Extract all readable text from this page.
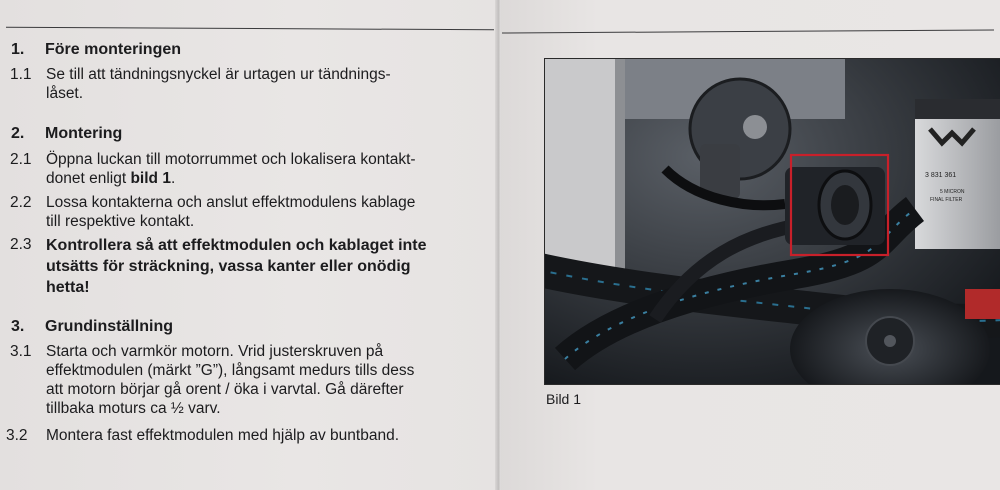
1. Före monteringen
1.1 Se till att tändningsnyckel är urtagen ur tändnings-
låset.
2. Montering
2.1 Öppna luckan till motorrummet och lokalisera kontakt-
donet enligt bild 1.
2.2 Lossa kontakterna och anslut effektmodulens kablage
till respektive kontakt.
2.3 Kontrollera så att effektmodulen och kablaget inte
utsätts för sträckning, vassa kanter eller onödig
hetta!
3. Grundinställning
3.1 Starta och varmkör motorn. Vrid justerskruven på
effektmodulen (märkt ”G”), långsamt medurs tills dess
att motorn börjar gå orent / öka i varvtal. Gå därefter
tillbaka moturs ca ½ varv.
3.2 Montera fast effektmodulen med hjälp av buntband.
3 831 361
5 MICRON
FINAL FILTER
Bild 1
